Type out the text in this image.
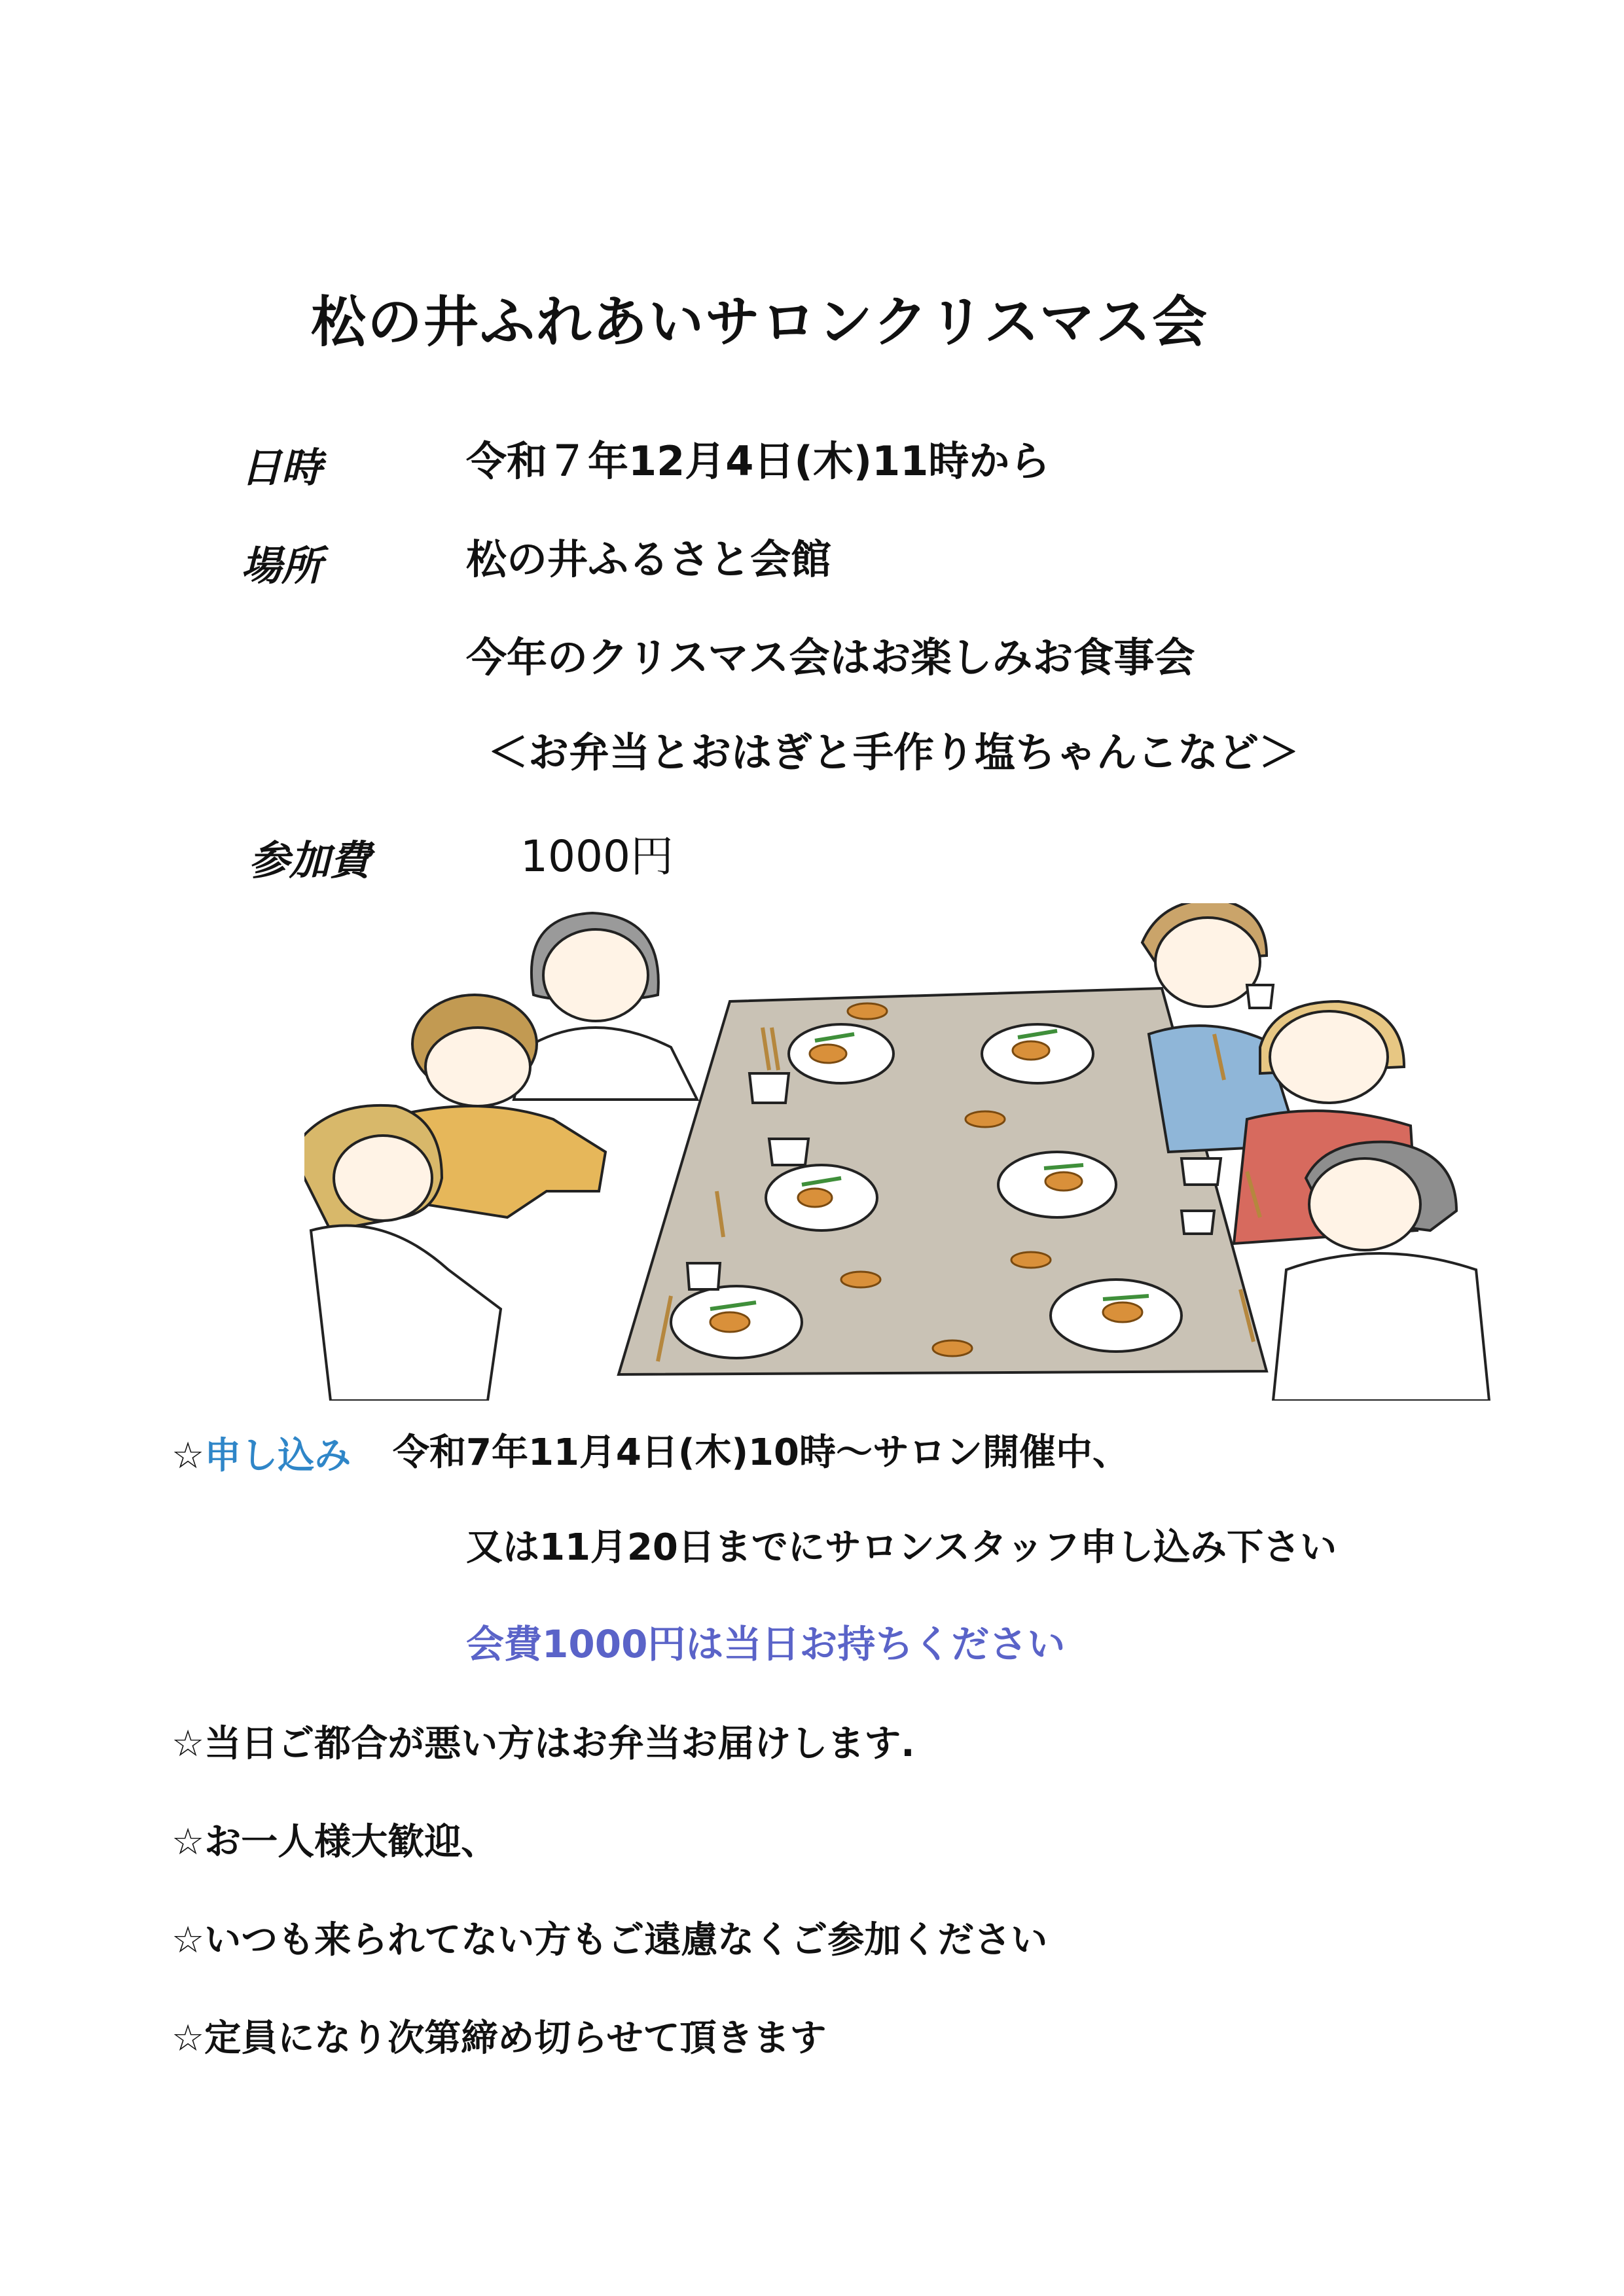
松の井ふれあいサロンクリスマス会
日時	令和７年12月4日(木)11時から
場所	松の井ふるさと会館
今年のクリスマス会はお楽しみお食事会
＜お弁当とおはぎと手作り塩ちゃんこなど＞
参加費	1000円
☆申し込み 令和7年11月4日(木)10時～サロン開催中、
又は11月20日までにサロンスタッフ申し込み下さい
会費1000円は当日お持ちください
☆当日ご都合が悪い方はお弁当お届けします.
☆お一人様大歓迎、
☆いつも来られてない方もご遠慮なくご参加ください
☆定員になり次第締め切らせて頂きます
